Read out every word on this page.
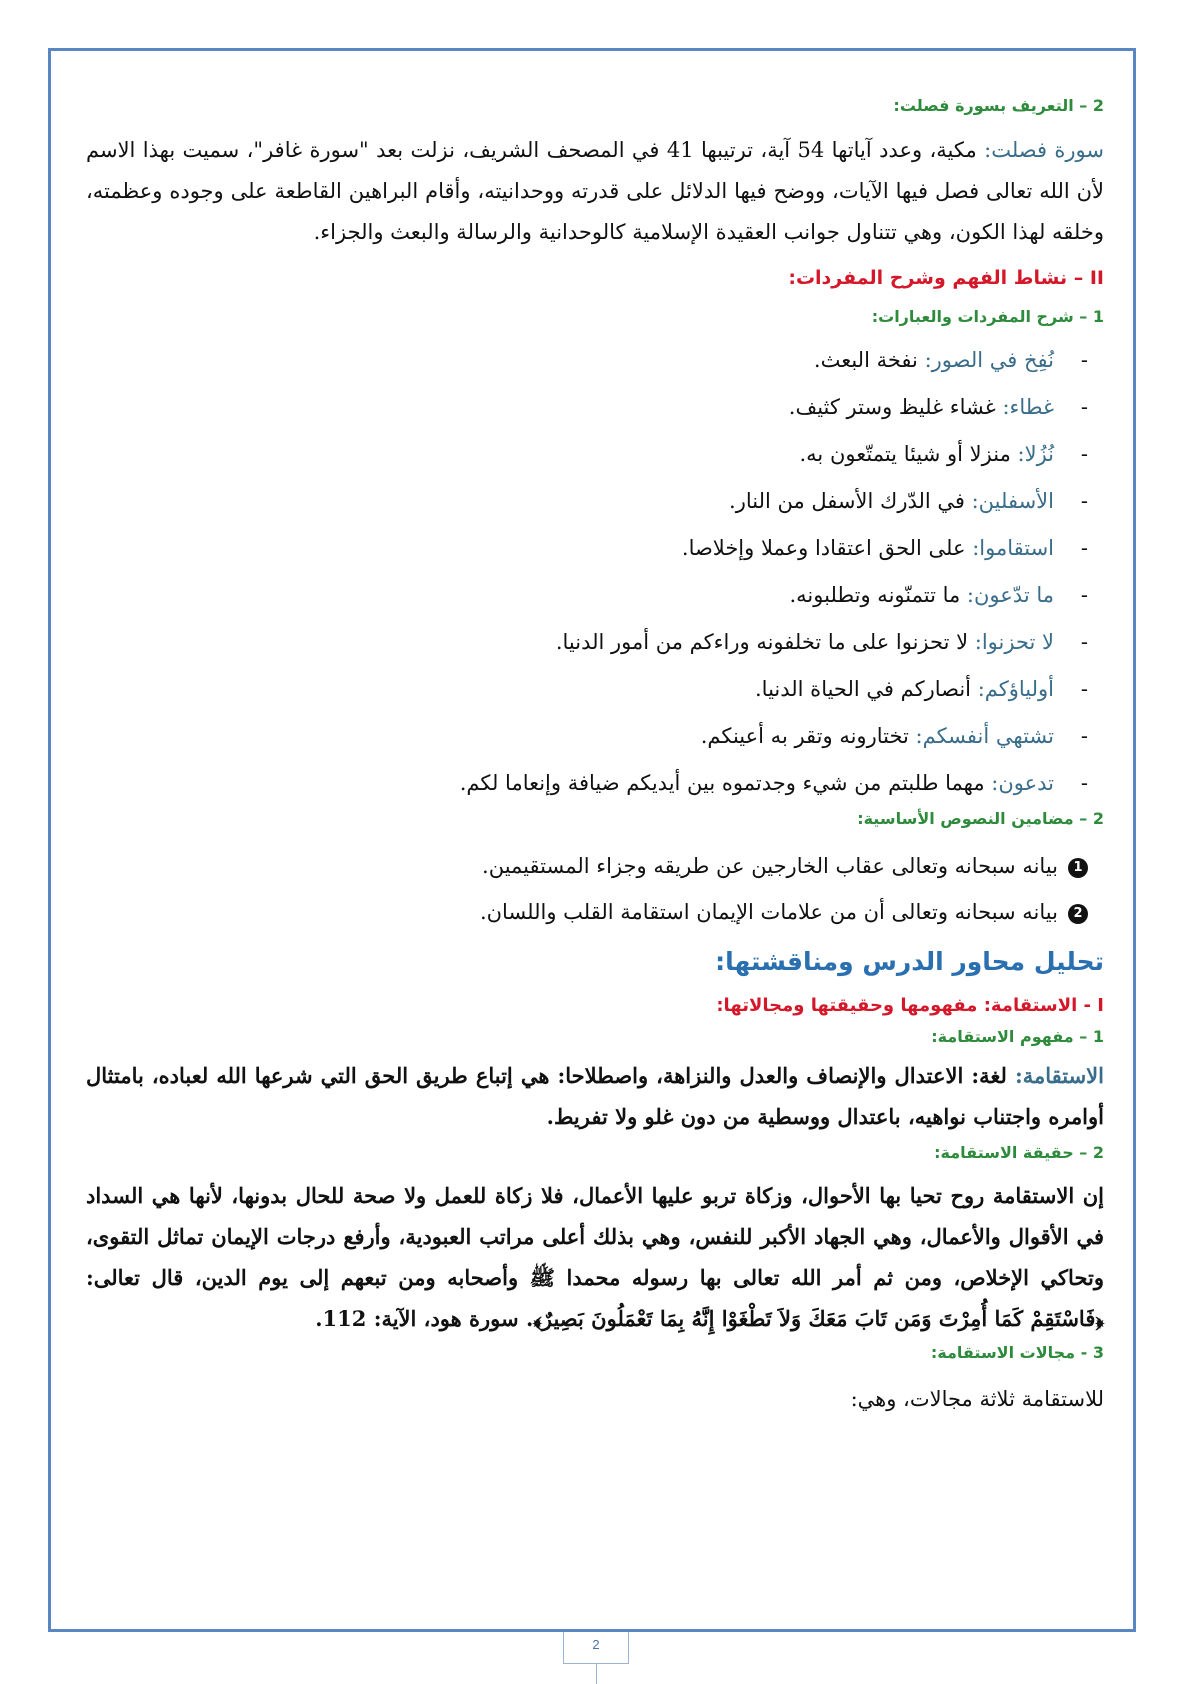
2 – التعريف بسورة فصلت:

سورة فصلت: مكية، وعدد آياتها 54 آية، ترتيبها 41 في المصحف الشريف، نزلت بعد "سورة غافر"، سميت بهذا الاسم لأن الله تعالى فصل فيها الآيات، ووضح فيها الدلائل على قدرته ووحدانيته، وأقام البراهين القاطعة على وجوده وعظمته، وخلقه لهذا الكون، وهي تتناول جوانب العقيدة الإسلامية كالوحدانية والرسالة والبعث والجزاء.

II – نشاط الفهم وشرح المفردات:

1 – شرح المفردات والعبارات:

-نُفِخ في الصور: نفخة البعث.
-غطاء: غشاء غليظ وستر كثيف.
-نُزُلا: منزلا أو شيئا يتمتّعون به.
-الأسفلين: في الدّرك الأسفل من النار.
-استقاموا: على الحق اعتقادا وعملا وإخلاصا.
-ما تدّعون: ما تتمنّونه وتطلبونه.
-لا تحزنوا: لا تحزنوا على ما تخلفونه وراءكم من أمور الدنيا.
-أولياؤكم: أنصاركم في الحياة الدنيا.
-تشتهي أنفسكم: تختارونه وتقر به أعينكم.
-تدعون: مهما طلبتم من شيء وجدتموه بين أيديكم ضيافة وإنعاما لكم.

2 – مضامين النصوص الأساسية:

1بيانه سبحانه وتعالى عقاب الخارجين عن طريقه وجزاء المستقيمين.
2بيانه سبحانه وتعالى أن من علامات الإيمان استقامة القلب واللسان.

تحليل محاور الدرس ومناقشتها:

I - الاستقامة: مفهومها وحقيقتها ومجالاتها:

1 – مفهوم الاستقامة:

الاستقامة: لغة: الاعتدال والإنصاف والعدل والنزاهة، واصطلاحا: هي إتباع طريق الحق التي شرعها الله لعباده، بامتثال أوامره واجتناب نواهيه، باعتدال ووسطية من دون غلو ولا تفريط.

2 – حقيقة الاستقامة:

إن الاستقامة روح تحيا بها الأحوال، وزكاة تربو عليها الأعمال، فلا زكاة للعمل ولا صحة للحال بدونها، لأنها هي السداد في الأقوال والأعمال، وهي الجهاد الأكبر للنفس، وهي بذلك أعلى مراتب العبودية، وأرفع درجات الإيمان تماثل التقوى، وتحاكي الإخلاص، ومن ثم أمر الله تعالى بها رسوله محمدا ﷺ وأصحابه ومن تبعهم إلى يوم الدين، قال تعالى: ﴿فَاسْتَقِمْ كَمَا أُمِرْتَ وَمَن تَابَ مَعَكَ وَلاَ تَطْغَوْا إِنَّهُ بِمَا تَعْمَلُونَ بَصِيرٌ﴾. سورة هود، الآية: 112.

3 - مجالات الاستقامة:

للاستقامة ثلاثة مجالات، وهي:

2
